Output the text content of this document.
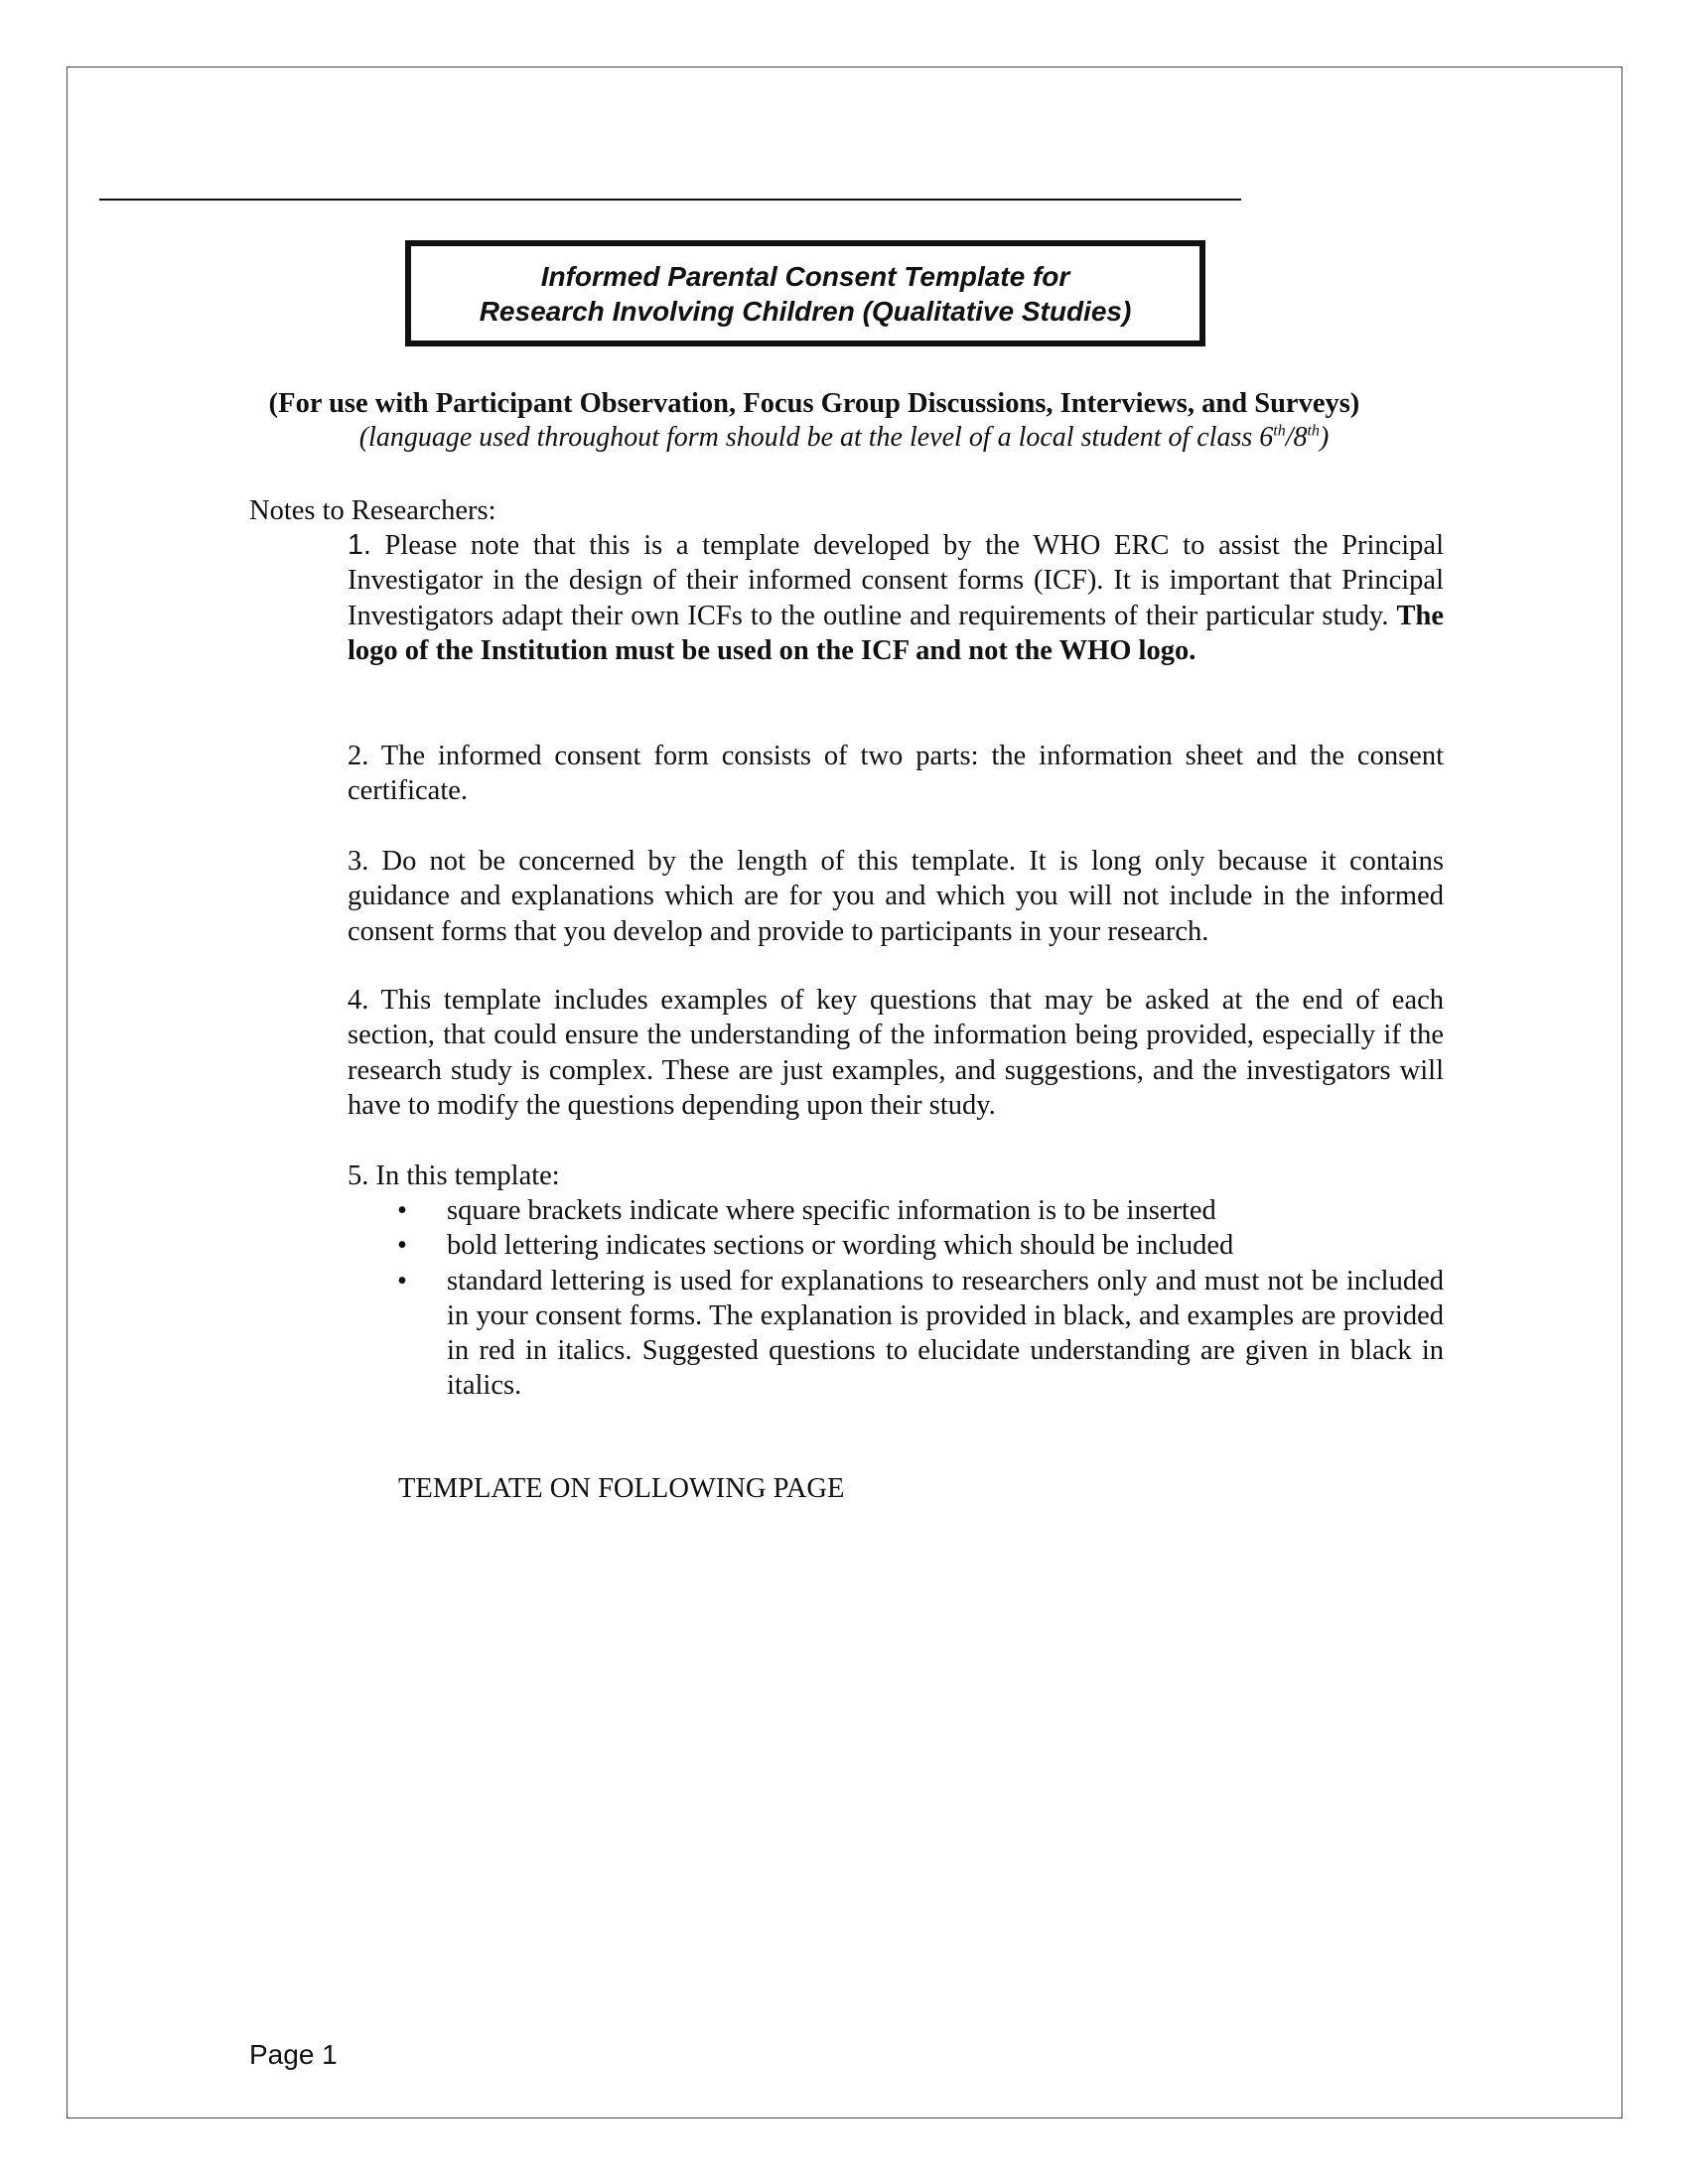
Informed Parental Consent Template for
Research Involving Children (Qualitative Studies)
(For use with Participant Observation, Focus Group Discussions, Interviews, and Surveys)
(language used throughout form should be at the level of a local student of class 6th/8th)
Notes to Researchers:
1. Please note that this is a template developed by the WHO ERC to assist the Principal Investigator in the design of their informed consent forms (ICF). It is important that Principal Investigators adapt their own ICFs to the outline and requirements of their particular study. The logo of the Institution must be used on the ICF and not the WHO logo.
2. The informed consent form consists of two parts: the information sheet and the consent certificate.
3. Do not be concerned by the length of this template. It is long only because it contains guidance and explanations which are for you and which you will not include in the informed consent forms that you develop and provide to participants in your research.
4. This template includes examples of key questions that may be asked at the end of each section, that could ensure the understanding of the information being provided, especially if the research study is complex. These are just examples, and suggestions, and the investigators will have to modify the questions depending upon their study.
5. In this template:
• square brackets indicate where specific information is to be inserted
• bold lettering indicates sections or wording which should be included
• standard lettering is used for explanations to researchers only and must not be included in your consent forms. The explanation is provided in black, and examples are provided in red in italics. Suggested questions to elucidate understanding are given in black in italics.
TEMPLATE ON FOLLOWING PAGE
Page 1
